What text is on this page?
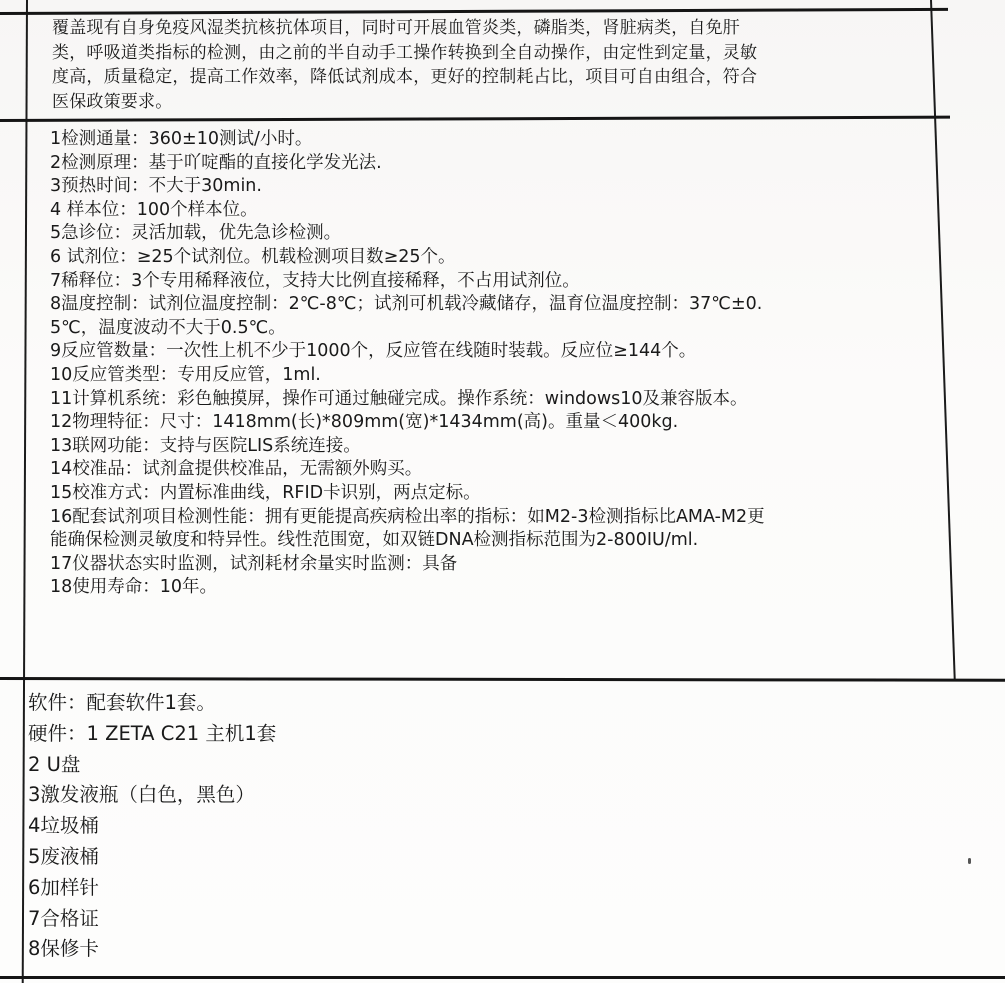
覆盖现有自身免疫风湿类抗核抗体项目，同时可开展血管炎类，磷脂类，肾脏病类，自免肝
类，呼吸道类指标的检测，由之前的半自动手工操作转换到全自动操作，由定性到定量，灵敏
度高，质量稳定，提高工作效率，降低试剂成本，更好的控制耗占比，项目可自由组合，符合
医保政策要求。
1检测通量：360±10测试/小时。
2检测原理：基于吖啶酯的直接化学发光法.
3预热时间：不大于30min.
4 样本位：100个样本位。
5急诊位：灵活加载，优先急诊检测。
6 试剂位：≥25个试剂位。机载检测项目数≥25个。
7稀释位：3个专用稀释液位，支持大比例直接稀释，不占用试剂位。
8温度控制：试剂位温度控制：2℃-8℃；试剂可机载冷藏储存，温育位温度控制：37℃±0.
5℃，温度波动不大于0.5℃。
9反应管数量：一次性上机不少于1000个，反应管在线随时装载。反应位≥144个。
10反应管类型：专用反应管，1ml.
11计算机系统：彩色触摸屏，操作可通过触碰完成。操作系统：windows10及兼容版本。
12物理特征：尺寸：1418mm(长)*809mm(宽)*1434mm(高)。重量＜400kg.
13联网功能：支持与医院LIS系统连接。
14校准品：试剂盒提供校准品，无需额外购买。
15校准方式：内置标准曲线，RFID卡识别，两点定标。
16配套试剂项目检测性能：拥有更能提高疾病检出率的指标：如M2-3检测指标比AMA-M2更
能确保检测灵敏度和特异性。线性范围宽，如双链DNA检测指标范围为2-800IU/ml.
17仪器状态实时监测，试剂耗材余量实时监测：具备
18使用寿命：10年。
软件：配套软件1套。
硬件：1 ZETA C21 主机1套
2 U盘
3激发液瓶（白色，黑色）
4垃圾桶
5废液桶
6加样针
7合格证
8保修卡
